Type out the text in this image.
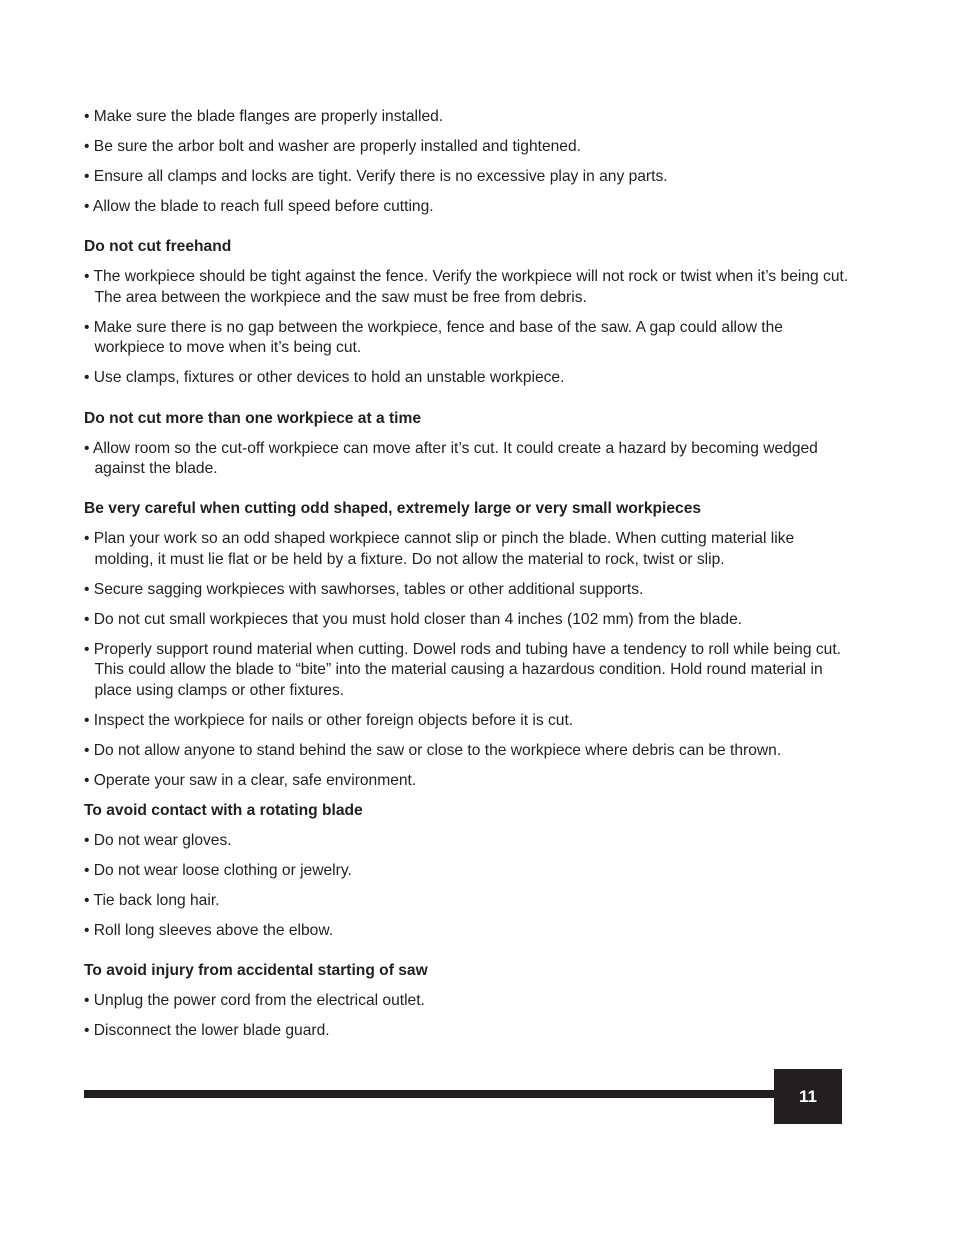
• Make sure the blade flanges are properly installed.

• Be sure the arbor bolt and washer are properly installed and tightened.

• Ensure all clamps and locks are tight. Verify there is no excessive play in any parts.

• Allow the blade to reach full speed before cutting.

Do not cut freehand

• The workpiece should be tight against the fence. Verify the workpiece will not rock or twist when it’s being cut. The area between the workpiece and the saw must be free from debris.

• Make sure there is no gap between the workpiece, fence and base of the saw. A gap could allow the workpiece to move when it’s being cut.

• Use clamps, fixtures or other devices to hold an unstable workpiece.

Do not cut more than one workpiece at a time

• Allow room so the cut-off workpiece can move after it’s cut. It could create a hazard by becoming wedged against the blade.

Be very careful when cutting odd shaped, extremely large or very small workpieces

• Plan your work so an odd shaped workpiece cannot slip or pinch the blade. When cutting material like molding, it must lie flat or be held by a fixture. Do not allow the material to rock, twist or slip.

• Secure sagging workpieces with sawhorses, tables or other additional supports.

• Do not cut small workpieces that you must hold closer than 4 inches (102 mm) from the blade.

• Properly support round material when cutting. Dowel rods and tubing have a tendency to roll while being cut. This could allow the blade to “bite” into the material causing a hazardous condition. Hold round material in place using clamps or other fixtures.

• Inspect the workpiece for nails or other foreign objects before it is cut.

• Do not allow anyone to stand behind the saw or close to the workpiece where debris can be thrown.

• Operate your saw in a clear, safe environment.

To avoid contact with a rotating blade

• Do not wear gloves.

• Do not wear loose clothing or jewelry.

• Tie back long hair.

• Roll long sleeves above the elbow.

To avoid injury from accidental starting of saw

• Unplug the power cord from the electrical outlet.

• Disconnect the lower blade guard.

11
